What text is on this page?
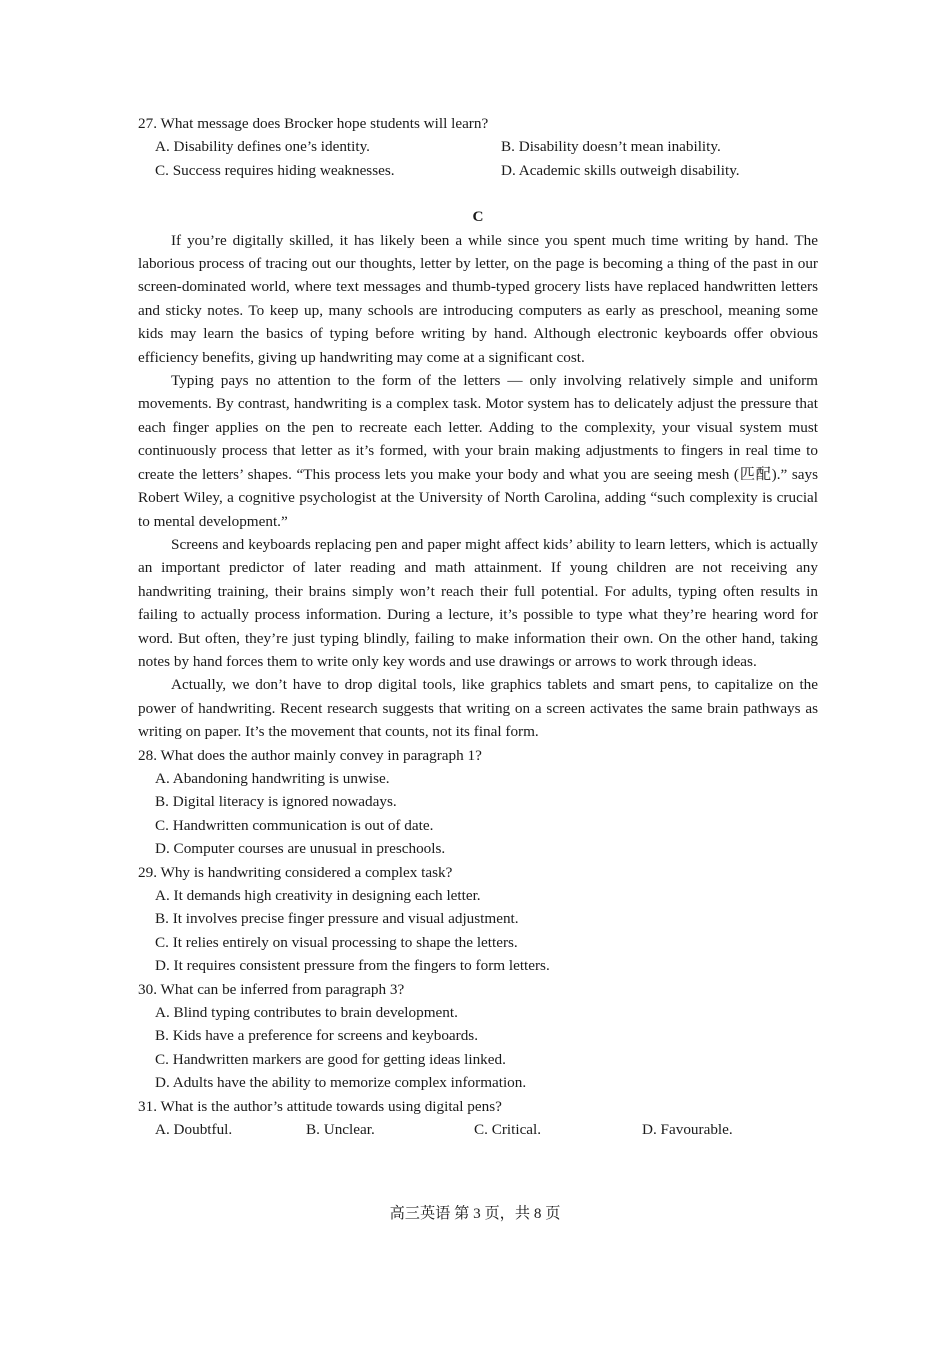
27. What message does Brocker hope students will learn?
A. Disability defines one’s identity.	B. Disability doesn’t mean inability.
C. Success requires hiding weaknesses.	D. Academic skills outweigh disability.
C

If you’re digitally skilled, it has likely been a while since you spent much time writing by hand. The laborious process of tracing out our thoughts, letter by letter, on the page is becoming a thing of the past in our screen-dominated world, where text messages and thumb-typed grocery lists have replaced handwritten letters and sticky notes. To keep up, many schools are introducing computers as early as preschool, meaning some kids may learn the basics of typing before writing by hand. Although electronic keyboards offer obvious efficiency benefits, giving up handwriting may come at a significant cost.

Typing pays no attention to the form of the letters — only involving relatively simple and uniform movements. By contrast, handwriting is a complex task. Motor system has to delicately adjust the pressure that each finger applies on the pen to recreate each letter. Adding to the complexity, your visual system must continuously process that letter as it’s formed, with your brain making adjustments to fingers in real time to create the letters’ shapes. “This process lets you make your body and what you are seeing mesh (匹配).” says Robert Wiley, a cognitive psychologist at the University of North Carolina, adding “such complexity is crucial to mental development.”

Screens and keyboards replacing pen and paper might affect kids’ ability to learn letters, which is actually an important predictor of later reading and math attainment. If young children are not receiving any handwriting training, their brains simply won’t reach their full potential. For adults, typing often results in failing to actually process information. During a lecture, it’s possible to type what they’re hearing word for word. But often, they’re just typing blindly, failing to make information their own. On the other hand, taking notes by hand forces them to write only key words and use drawings or arrows to work through ideas.

Actually, we don’t have to drop digital tools, like graphics tablets and smart pens, to capitalize on the power of handwriting. Recent research suggests that writing on a screen activates the same brain pathways as writing on paper. It’s the movement that counts, not its final form.

28. What does the author mainly convey in paragraph 1?
A. Abandoning handwriting is unwise.
B. Digital literacy is ignored nowadays.
C. Handwritten communication is out of date.
D. Computer courses are unusual in preschools.
29. Why is handwriting considered a complex task?
A. It demands high creativity in designing each letter.
B. It involves precise finger pressure and visual adjustment.
C. It relies entirely on visual processing to shape the letters.
D. It requires consistent pressure from the fingers to form letters.
30. What can be inferred from paragraph 3?
A. Blind typing contributes to brain development.
B. Kids have a preference for screens and keyboards.
C. Handwritten markers are good for getting ideas linked.
D. Adults have the ability to memorize complex information.
31. What is the author’s attitude towards using digital pens?
A. Doubtful.	B. Unclear.	C. Critical.	D. Favourable.
高三英语 第 3 页，共 8 页
